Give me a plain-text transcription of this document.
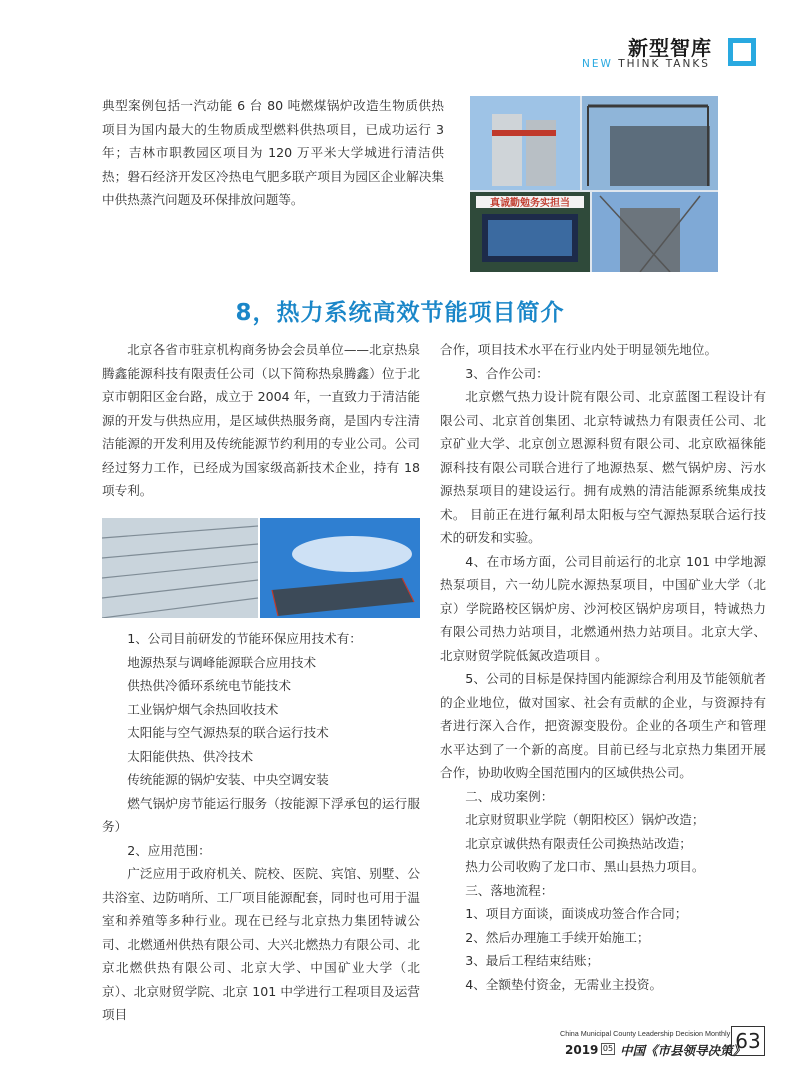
新型智库
NEW THINK TANKS

典型案例包括一汽动能 6 台 80 吨燃煤锅炉改造生物质供热项目为国内最大的生物质成型燃料供热项目，已成功运行 3 年；吉林市职教园区项目为 120 万平米大学城进行清洁供热；磐石经济开发区冷热电气肥多联产项目为园区企业解决集中供热蒸汽问题及环保排放问题等。	真诚勤勉务实担当
8，热力系统高效节能项目简介

北京各省市驻京机构商务协会会员单位——北京热泉腾鑫能源科技有限责任公司（以下简称热泉腾鑫）位于北京市朝阳区金台路，成立于 2004 年，一直致力于清洁能源的开发与供热应用，是区域供热服务商，是国内专注清洁能源的开发利用及传统能源节约利用的专业公司。公司经过努力工作，已经成为国家级高新技术企业，持有 18 项专利。

1、公司目前研发的节能环保应用技术有：

地源热泵与调峰能源联合应用技术

供热供冷循环系统电节能技术

工业锅炉烟气余热回收技术

太阳能与空气源热泵的联合运行技术

太阳能供热、供冷技术

传统能源的锅炉安装、中央空调安装

燃气锅炉房节能运行服务（按能源下浮承包的运行服务）

2、应用范围：

广泛应用于政府机关、院校、医院、宾馆、别墅、公共浴室、边防哨所、工厂项目能源配套，同时也可用于温室和养殖等多种行业。现在已经与北京热力集团特诚公司、北燃通州供热有限公司、大兴北燃热力有限公司、北京北燃供热有限公司、北京大学、中国矿业大学（北京）、北京财贸学院、北京 101 中学进行工程项目及运营项目

合作，项目技术水平在行业内处于明显领先地位。

3、合作公司：

北京燃气热力设计院有限公司、北京蓝图工程设计有限公司、北京首创集团、北京特诚热力有限责任公司、北京矿业大学、北京创立恩源科贸有限公司、北京欧福徕能源科技有限公司联合进行了地源热泵、燃气锅炉房、污水源热泵项目的建设运行。拥有成熟的清洁能源系统集成技术。 目前正在进行氟利昂太阳板与空气源热泵联合运行技术的研发和实验。

4、在市场方面，公司目前运行的北京 101 中学地源热泵项目，六一幼儿院水源热泵项目，中国矿业大学（北京）学院路校区锅炉房、沙河校区锅炉房项目，特诚热力有限公司热力站项目，北燃通州热力站项目。北京大学、北京财贸学院低氮改造项目 。

5、公司的目标是保持国内能源综合利用及节能领航者的企业地位，做对国家、社会有贡献的企业，与资源持有者进行深入合作，把资源变股份。企业的各项生产和管理水平达到了一个新的高度。目前已经与北京热力集团开展合作，协助收购全国范围内的区域供热公司。

二、成功案例：

北京财贸职业学院（朝阳校区）锅炉改造；

北京京诚供热有限责任公司换热站改造；

热力公司收购了龙口市、黑山县热力项目。

三、落地流程：

1、项目方面谈，面谈成功签合作合同；

2、然后办理施工手续开始施工；

3、最后工程结束结账；

4、全额垫付资金，无需业主投资。

China Municipal County Leadership Decision Monthly
2019 05 中国《市县领导决策》
63
